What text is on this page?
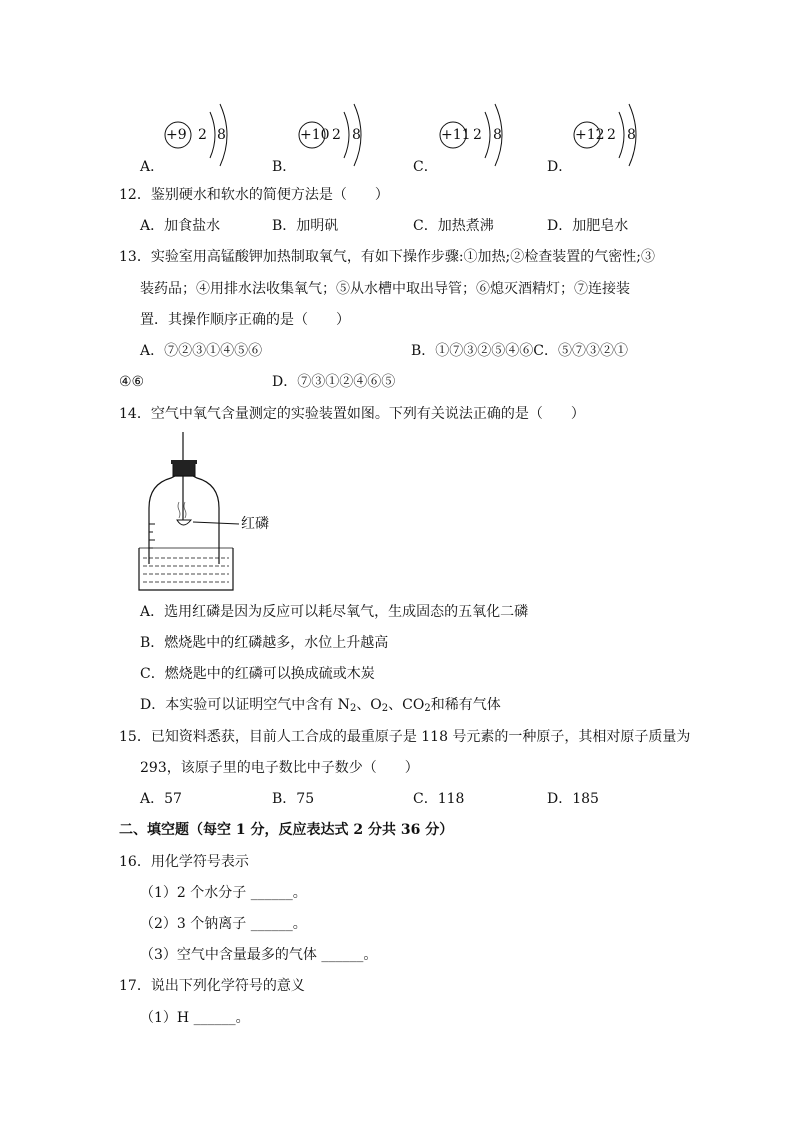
+9 2 8
A．
+10 2 8
B．
+11 2 8
C．
+12 2 8
D．
12．鉴别硬水和软水的简便方法是（　　）
A．加食盐水	B．加明矾	C．加热煮沸	D．加肥皂水
13．实验室用高锰酸钾加热制取氧气，有如下操作步骤:①加热;②检查装置的气密性;③
装药品；④用排水法收集氧气；⑤从水槽中取出导管；⑥熄灭酒精灯；⑦连接装
置．其操作顺序正确的是（　　）
A．⑦②③①④⑤⑥	B．①⑦③②⑤④⑥C．⑤⑦③②①
④⑥	D．⑦③①②④⑥⑤
14．空气中氧气含量测定的实验装置如图。下列有关说法正确的是（　　）
红磷
A．选用红磷是因为反应可以耗尽氧气，生成固态的五氧化二磷
B．燃烧匙中的红磷越多，水位上升越高
C．燃烧匙中的红磷可以换成硫或木炭
D．本实验可以证明空气中含有 $N_2$、$O_2$、$CO_2$和稀有气体
15．已知资料悉获，目前人工合成的最重原子是 118 号元素的一种原子，其相对原子质量为
293，该原子里的电子数比中子数少（　　）
A．57	B．75	C．118	D．185
二、填空题（每空 1 分，反应表达式 2 分共 36 分）
16．用化学符号表示
（1）2 个水分子 ______。
（2）3 个钠离子 ______。
（3）空气中含量最多的气体 ______。
17．说出下列化学符号的意义
（1）H ______。
